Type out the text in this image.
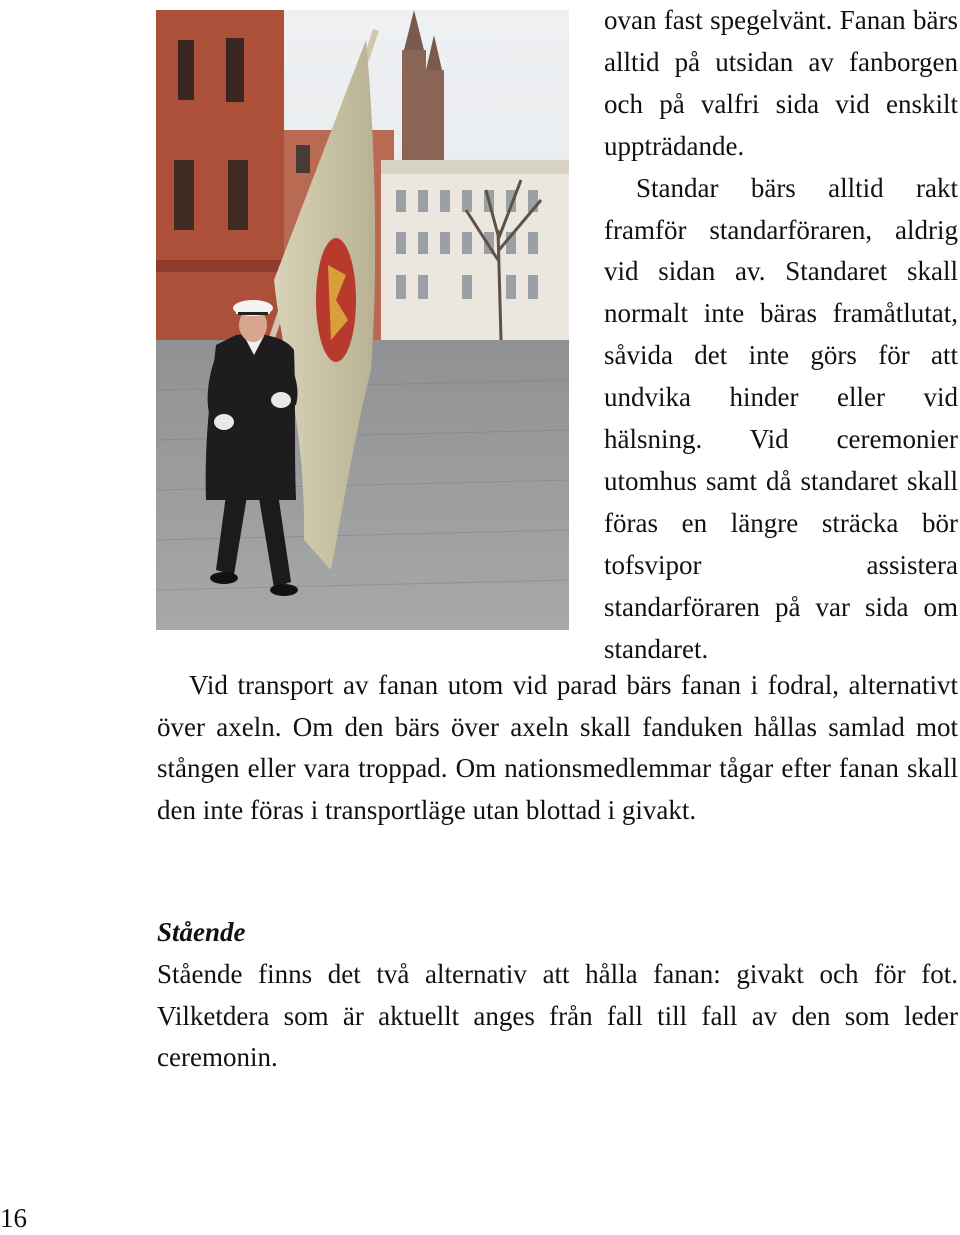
ovan fast spegelvänt. Fanan bärs alltid på utsidan av fanborgen och på valfri sida vid enskilt uppträdande.

Standar bärs alltid rakt framför standarföraren, aldrig vid sidan av. Standaret skall normalt inte bäras framåtlutat, såvida det inte görs för att undvika hinder eller vid hälsning. Vid ceremonier utomhus samt då standaret skall föras en längre sträcka bör tofsvipor assistera standarföraren på var sida om standaret.

Vid transport av fanan utom vid parad bärs fanan i fodral, alternativt över axeln. Om den bärs över axeln skall fanduken hållas samlad mot stången eller vara troppad. Om nationsmedlemmar tågar efter fanan skall den inte föras i transportläge utan blottad i givakt.

Stående

Stående finns det två alternativ att hålla fanan: givakt och för fot. Vilketdera som är aktuellt anges från fall till fall av den som leder ceremonin.

16
